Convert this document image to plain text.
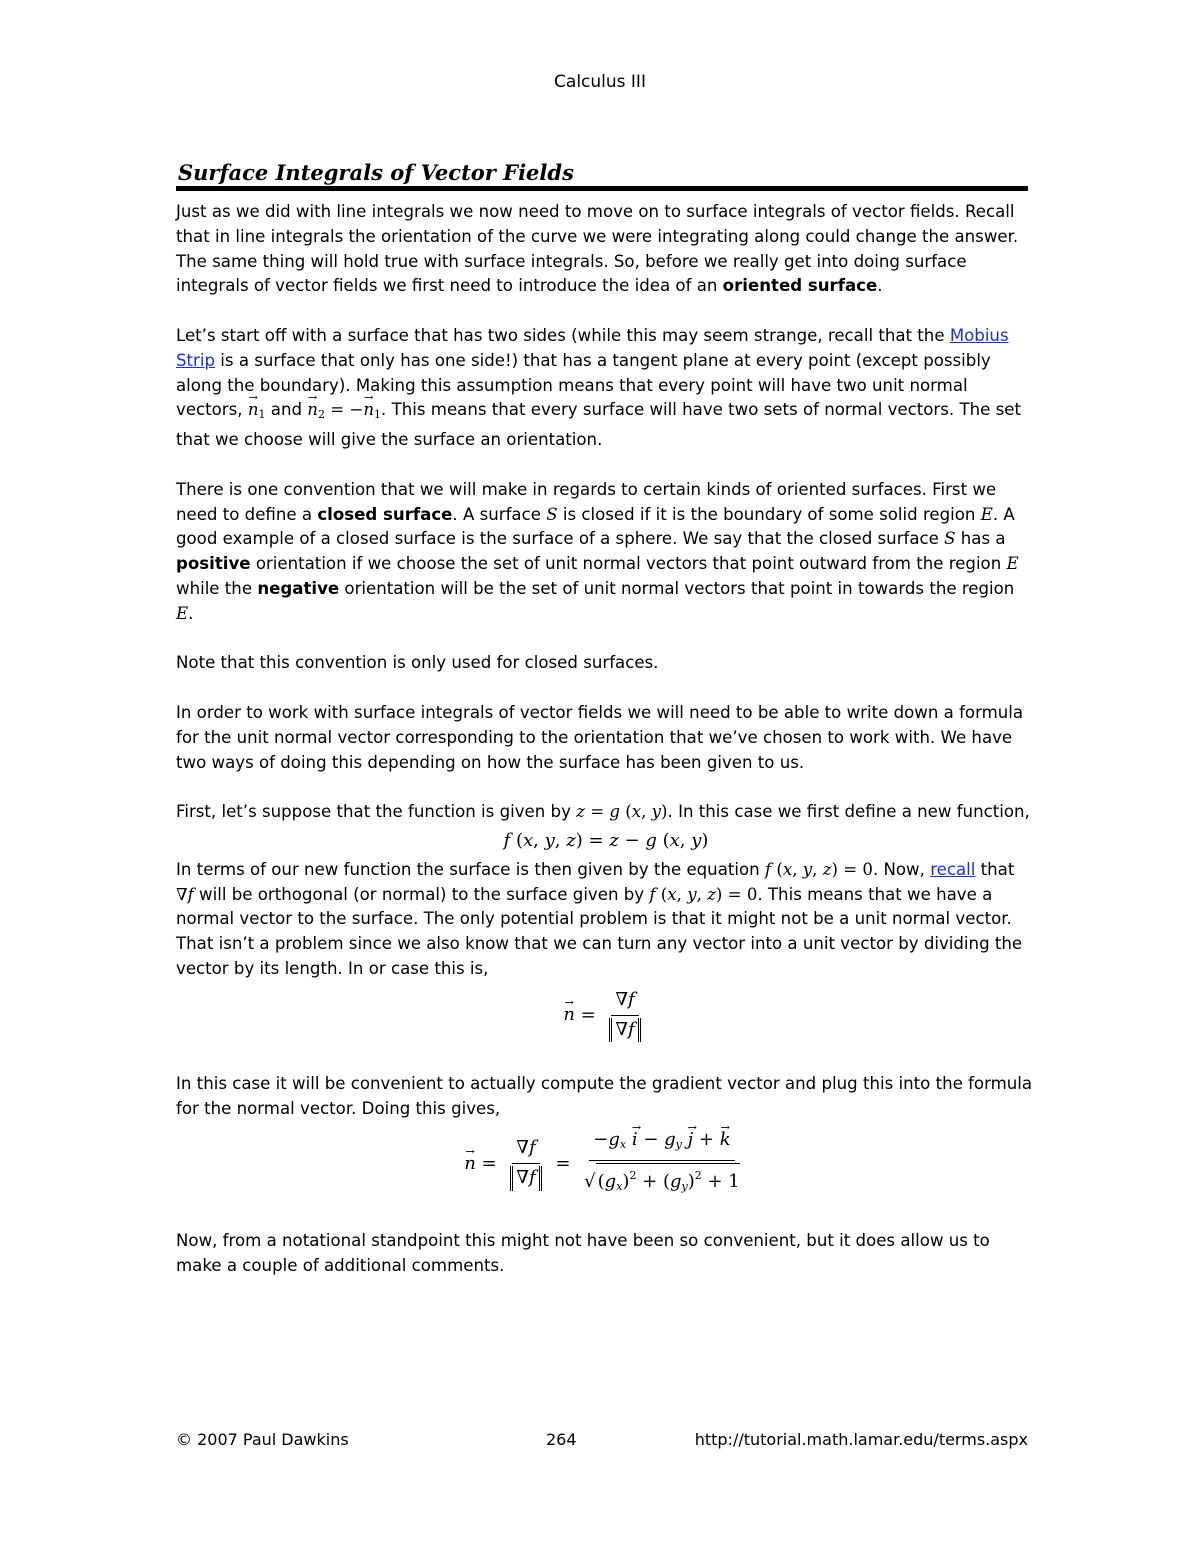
Calculus III
Surface Integrals of Vector Fields

Just as we did with line integrals we now need to move on to surface integrals of vector fields. Recall that in line integrals the orientation of the curve we were integrating along could change the answer. The same thing will hold true with surface integrals. So, before we really get into doing surface integrals of vector fields we first need to introduce the idea of an oriented surface.

Let’s start off with a surface that has two sides (while this may seem strange, recall that the Mobius Strip is a surface that only has one side!) that has a tangent plane at every point (except possibly along the boundary). Making this assumption means that every point will have two unit normal vectors, → $n_1$ and → $n_2$ = −→ $n_1$. This means that every surface will have two sets of normal vectors. The set that we choose will give the surface an orientation.

There is one convention that we will make in regards to certain kinds of oriented surfaces. First we need to define a closed surface. A surface S is closed if it is the boundary of some solid region E. A good example of a closed surface is the surface of a sphere. We say that the closed surface S has a positive orientation if we choose the set of unit normal vectors that point outward from the region E while the negative orientation will be the set of unit normal vectors that point in towards the region E.

Note that this convention is only used for closed surfaces.

In order to work with surface integrals of vector fields we will need to be able to write down a formula for the unit normal vector corresponding to the orientation that we’ve chosen to work with. We have two ways of doing this depending on how the surface has been given to us.

First, let’s suppose that the function is given by z = g (x, y). In this case we first define a new function,

f (x, y, z) = z − g (x, y)

In terms of our new function the surface is then given by the equation f (x, y, z) = 0. Now, recall that ∇f will be orthogonal (or normal) to the surface given by f (x, y, z) = 0. This means that we have a normal vector to the surface. The only potential problem is that it might not be a unit normal vector. That isn’t a problem since we also know that we can turn any vector into a unit vector by dividing the vector by its length. In or case this is,

→ $n = \frac{\nabla f}{\nabla f}$

In this case it will be convenient to actually compute the gradient vector and plug this into the formula for the normal vector. Doing this gives,

→ $n = \frac{\nabla f}{\nabla f} = \frac{-g_x \to i - g_y \to j + \to k}{√ (g_x)^2 + (g_y)^2 + 1}$

Now, from a notational standpoint this might not have been so convenient, but it does allow us to make a couple of additional comments.

© 2007 Paul Dawkins	264	http://tutorial.math.lamar.edu/terms.aspx
